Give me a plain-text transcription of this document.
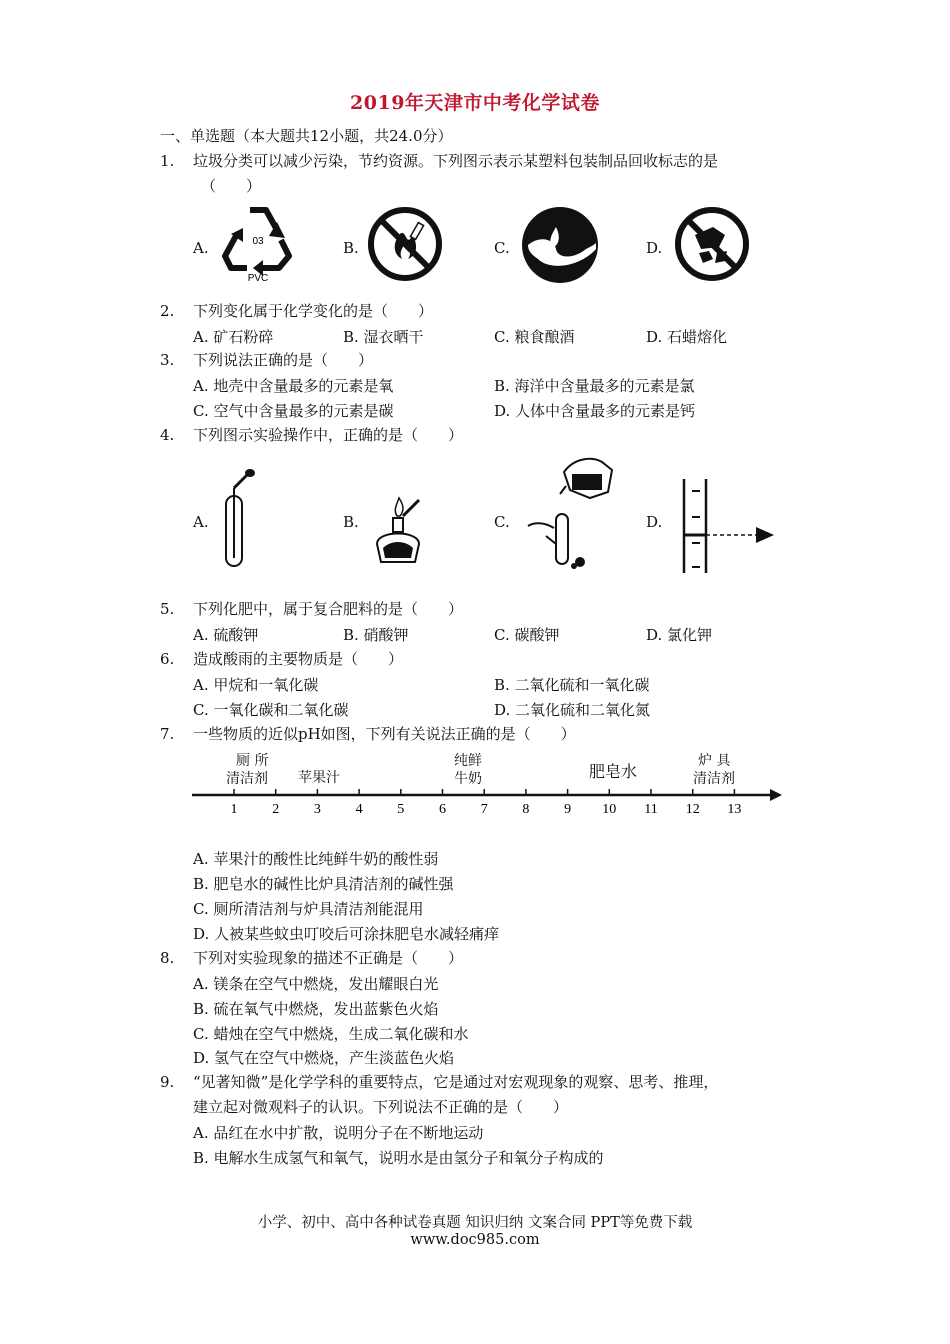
2019年天津市中考化学试卷
一、单选题（本大题共12小题，共24.0分）
1. 垃圾分类可以减少污染，节约资源。下列图示表示某塑料包装制品回收标志的是
（　　）
A.	B.	C.	D.
03
PVC
2. 下列变化属于化学变化的是（　　）
A. 矿石粉碎	B. 湿衣晒干	C. 粮食酿酒	D. 石蜡熔化
3. 下列说法正确的是（　　）
A. 地壳中含量最多的元素是氧	B. 海洋中含量最多的元素是氯
C. 空气中含量最多的元素是碳	D. 人体中含量最多的元素是钙
4. 下列图示实验操作中，正确的是（　　）
A.	B.	C.	D.
5. 下列化肥中，属于复合肥料的是（　　）
A. 硫酸钾	B. 硝酸钾	C. 碳酸钾	D. 氯化钾
6. 造成酸雨的主要物质是（　　）
A. 甲烷和一氧化碳	B. 二氧化硫和一氧化碳
C. 一氧化碳和二氧化碳	D. 二氧化硫和二氧化氮
7. 一些物质的近似pH如图，下列有关说法正确的是（　　）
厕 所
清洁剂 苹果汁
纯鲜
牛奶	肥皂水
炉 具
清洁剂
1 2 3 4 5 6 7 8 9 10 11 12 13
A. 苹果汁的酸性比纯鲜牛奶的酸性弱
B. 肥皂水的碱性比炉具清洁剂的碱性强
C. 厕所清洁剂与炉具清洁剂能混用
D. 人被某些蚊虫叮咬后可涂抹肥皂水减轻痛痒
8. 下列对实验现象的描述不正确是（　　）
A. 镁条在空气中燃烧，发出耀眼白光
B. 硫在氧气中燃烧，发出蓝紫色火焰
C. 蜡烛在空气中燃烧，生成二氧化碳和水
D. 氢气在空气中燃烧，产生淡蓝色火焰
9. “见著知微”是化学学科的重要特点，它是通过对宏观现象的观察、思考、推理，
建立起对微观料子的认识。下列说法不正确的是（　　）
A. 品红在水中扩散，说明分子在不断地运动
B. 电解水生成氢气和氧气，说明水是由氢分子和氧分子构成的
小学、初中、高中各种试卷真题 知识归纳 文案合同 PPT等免费下载
www.doc985.com
